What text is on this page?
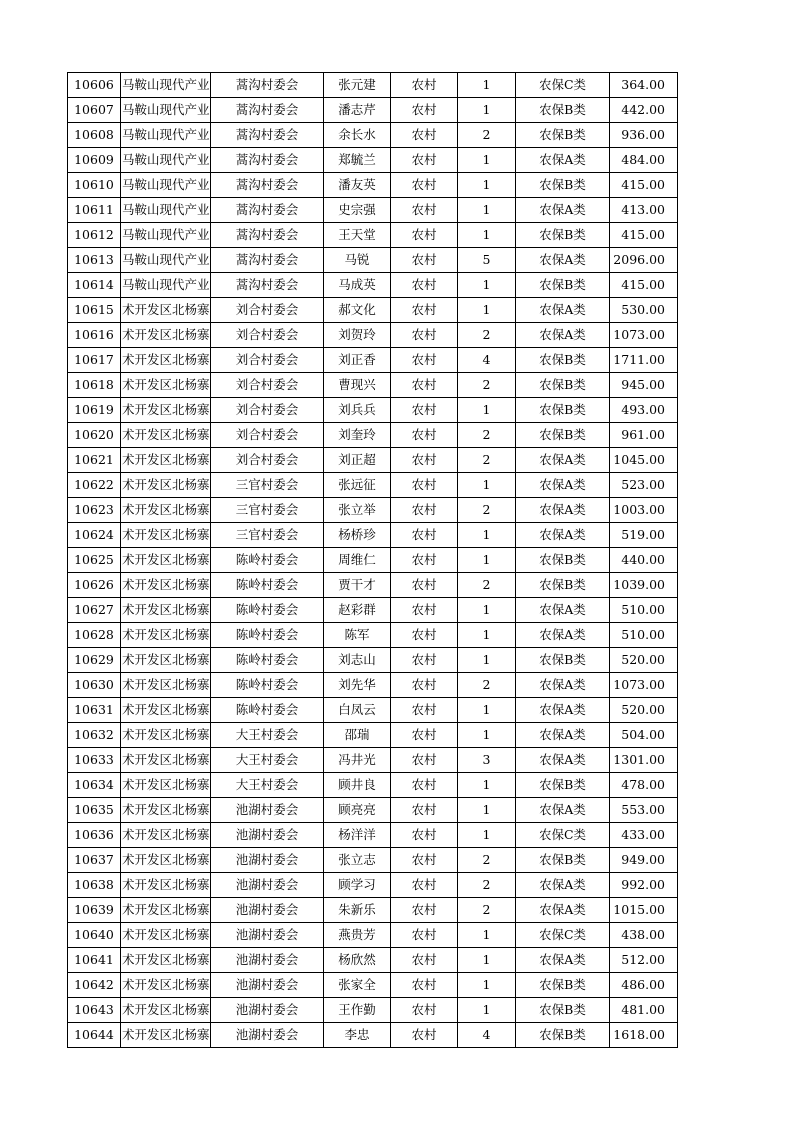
10606	马鞍山现代产业	蒿沟村委会	张元建	农村	1	农保C类	364.00
10607	马鞍山现代产业	蒿沟村委会	潘志芹	农村	1	农保B类	442.00
10608	马鞍山现代产业	蒿沟村委会	余长水	农村	2	农保B类	936.00
10609	马鞍山现代产业	蒿沟村委会	郑毓兰	农村	1	农保A类	484.00
10610	马鞍山现代产业	蒿沟村委会	潘友英	农村	1	农保B类	415.00
10611	马鞍山现代产业	蒿沟村委会	史宗强	农村	1	农保A类	413.00
10612	马鞍山现代产业	蒿沟村委会	王天堂	农村	1	农保B类	415.00
10613	马鞍山现代产业	蒿沟村委会	马锐	农村	5	农保A类	2096.00
10614	马鞍山现代产业	蒿沟村委会	马成英	农村	1	农保B类	415.00
10615	术开发区北杨寨	刘合村委会	郝文化	农村	1	农保A类	530.00
10616	术开发区北杨寨	刘合村委会	刘贺玲	农村	2	农保A类	1073.00
10617	术开发区北杨寨	刘合村委会	刘正香	农村	4	农保B类	1711.00
10618	术开发区北杨寨	刘合村委会	曹现兴	农村	2	农保B类	945.00
10619	术开发区北杨寨	刘合村委会	刘兵兵	农村	1	农保B类	493.00
10620	术开发区北杨寨	刘合村委会	刘奎玲	农村	2	农保B类	961.00
10621	术开发区北杨寨	刘合村委会	刘正超	农村	2	农保A类	1045.00
10622	术开发区北杨寨	三官村委会	张远征	农村	1	农保A类	523.00
10623	术开发区北杨寨	三官村委会	张立举	农村	2	农保A类	1003.00
10624	术开发区北杨寨	三官村委会	杨桥珍	农村	1	农保A类	519.00
10625	术开发区北杨寨	陈岭村委会	周维仁	农村	1	农保B类	440.00
10626	术开发区北杨寨	陈岭村委会	贾干才	农村	2	农保B类	1039.00
10627	术开发区北杨寨	陈岭村委会	赵彩群	农村	1	农保A类	510.00
10628	术开发区北杨寨	陈岭村委会	陈军	农村	1	农保A类	510.00
10629	术开发区北杨寨	陈岭村委会	刘志山	农村	1	农保B类	520.00
10630	术开发区北杨寨	陈岭村委会	刘先华	农村	2	农保A类	1073.00
10631	术开发区北杨寨	陈岭村委会	白凤云	农村	1	农保A类	520.00
10632	术开发区北杨寨	大王村委会	邵瑞	农村	1	农保A类	504.00
10633	术开发区北杨寨	大王村委会	冯井光	农村	3	农保A类	1301.00
10634	术开发区北杨寨	大王村委会	顾井良	农村	1	农保B类	478.00
10635	术开发区北杨寨	池湖村委会	顾亮亮	农村	1	农保A类	553.00
10636	术开发区北杨寨	池湖村委会	杨洋洋	农村	1	农保C类	433.00
10637	术开发区北杨寨	池湖村委会	张立志	农村	2	农保B类	949.00
10638	术开发区北杨寨	池湖村委会	顾学习	农村	2	农保A类	992.00
10639	术开发区北杨寨	池湖村委会	朱新乐	农村	2	农保A类	1015.00
10640	术开发区北杨寨	池湖村委会	燕贵芳	农村	1	农保C类	438.00
10641	术开发区北杨寨	池湖村委会	杨欣然	农村	1	农保A类	512.00
10642	术开发区北杨寨	池湖村委会	张家全	农村	1	农保B类	486.00
10643	术开发区北杨寨	池湖村委会	王作勤	农村	1	农保B类	481.00
10644	术开发区北杨寨	池湖村委会	李忠	农村	4	农保B类	1618.00
